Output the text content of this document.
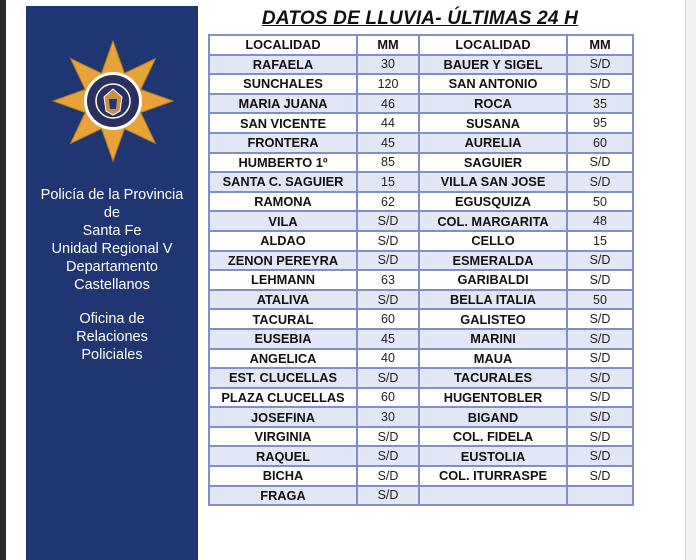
Policía de la Provincia
de
Santa Fe
Unidad Regional V
Departamento
Castellanos
Oficina de
Relaciones
Policiales
DATOS DE LLUVIA- ÚLTIMAS 24 H
LOCALIDAD	MM	LOCALIDAD	MM
RAFAELA	30	BAUER Y SIGEL	S/D
SUNCHALES	120	SAN ANTONIO	S/D
MARIA JUANA	46	ROCA	35
SAN VICENTE	44	SUSANA	95
FRONTERA	45	AURELIA	60
HUMBERTO 1º	85	SAGUIER	S/D
SANTA C. SAGUIER	15	VILLA SAN JOSE	S/D
RAMONA	62	EGUSQUIZA	50
VILA	S/D	COL. MARGARITA	48
ALDAO	S/D	CELLO	15
ZENON PEREYRA	S/D	ESMERALDA	S/D
LEHMANN	63	GARIBALDI	S/D
ATALIVA	S/D	BELLA ITALIA	50
TACURAL	60	GALISTEO	S/D
EUSEBIA	45	MARINI	S/D
ANGELICA	40	MAUA	S/D
EST. CLUCELLAS	S/D	TACURALES	S/D
PLAZA CLUCELLAS	60	HUGENTOBLER	S/D
JOSEFINA	30	BIGAND	S/D
VIRGINIA	S/D	COL. FIDELA	S/D
RAQUEL	S/D	EUSTOLIA	S/D
BICHA	S/D	COL. ITURRASPE	S/D
FRAGA	S/D		
